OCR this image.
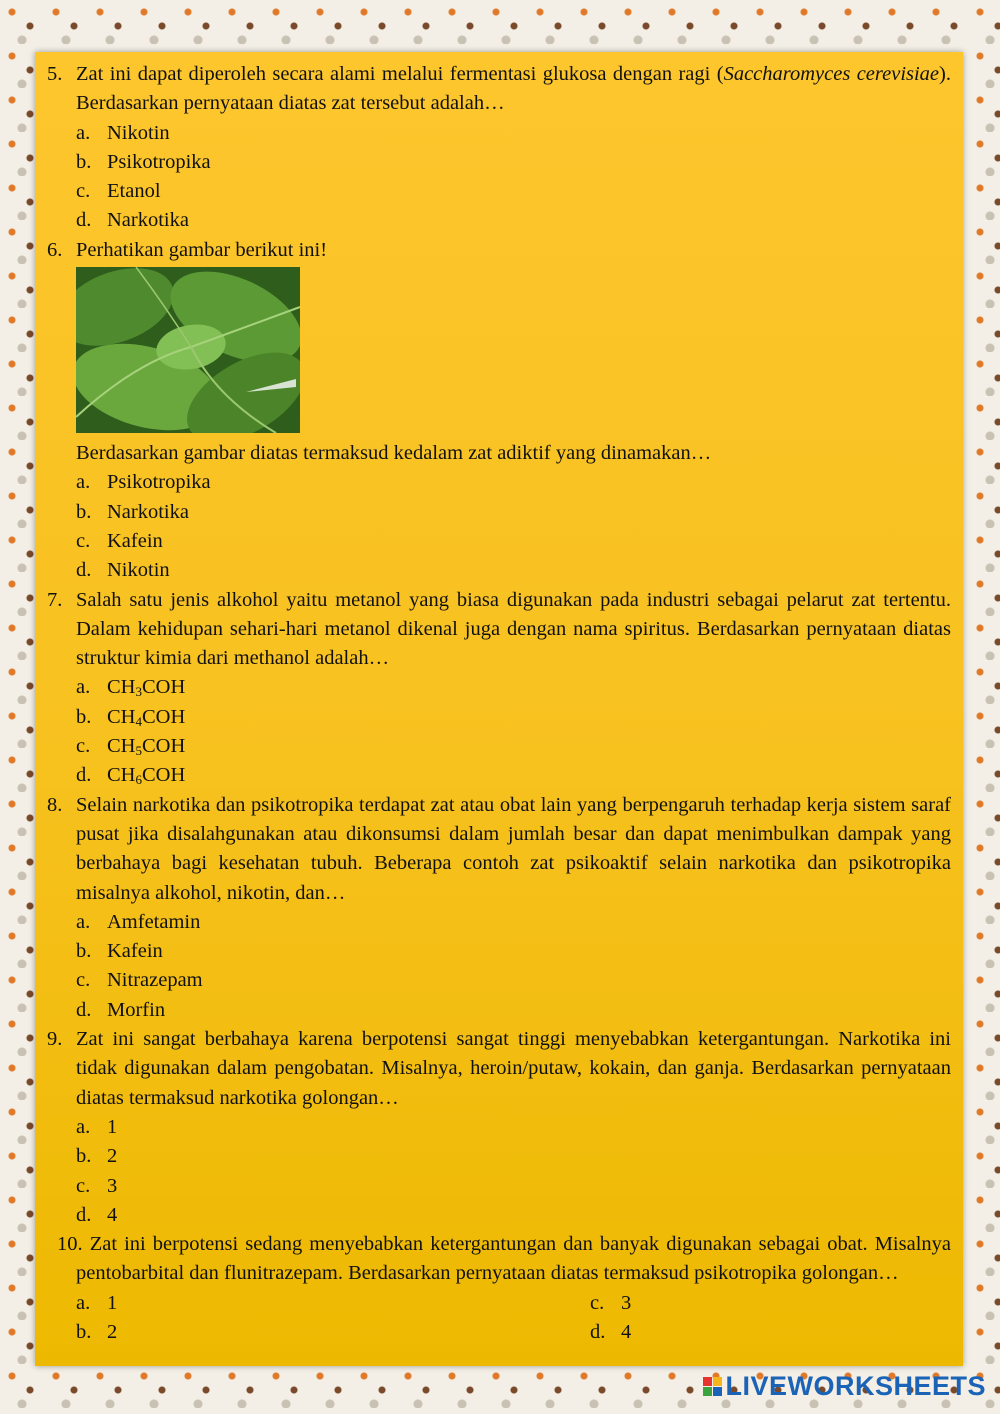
5. Zat ini dapat diperoleh secara alami melalui fermentasi glukosa dengan ragi (Saccharomyces cerevisiae). Berdasarkan pernyataan diatas zat tersebut adalah…
a. Nikotin
b. Psikotropika
c. Etanol
d. Narkotika
6. Perhatikan gambar berikut ini!
Berdasarkan gambar diatas termaksud kedalam zat adiktif yang dinamakan…
a. Psikotropika
b. Narkotika
c. Kafein
d. Nikotin
7. Salah satu jenis alkohol yaitu metanol yang biasa digunakan pada industri sebagai pelarut zat tertentu. Dalam kehidupan sehari-hari metanol dikenal juga dengan nama spiritus. Berdasarkan pernyataan diatas struktur kimia dari methanol adalah…
a. $CH_3COH$
b. $CH_4COH$
c. $CH_5COH$
d. $CH_6COH$
8. Selain narkotika dan psikotropika terdapat zat atau obat lain yang berpengaruh terhadap kerja sistem saraf pusat jika disalahgunakan atau dikonsumsi dalam jumlah besar dan dapat menimbulkan dampak yang berbahaya bagi kesehatan tubuh. Beberapa contoh zat psikoaktif selain narkotika dan psikotropika misalnya alkohol, nikotin, dan…
a. Amfetamin
b. Kafein
c. Nitrazepam
d. Morfin
9. Zat ini sangat berbahaya karena berpotensi sangat tinggi menyebabkan ketergantungan. Narkotika ini tidak digunakan dalam pengobatan. Misalnya, heroin/putaw, kokain, dan ganja. Berdasarkan pernyataan diatas termaksud narkotika golongan…
a. 1
b. 2
c. 3
d. 4
10. Zat ini berpotensi sedang menyebabkan ketergantungan dan banyak digunakan sebagai obat. Misalnya pentobarbital dan flunitrazepam. Berdasarkan pernyataan diatas termaksud psikotropika golongan…
a. 1	c. 3
b. 2	d. 4
LIVEWORKSHEETS
